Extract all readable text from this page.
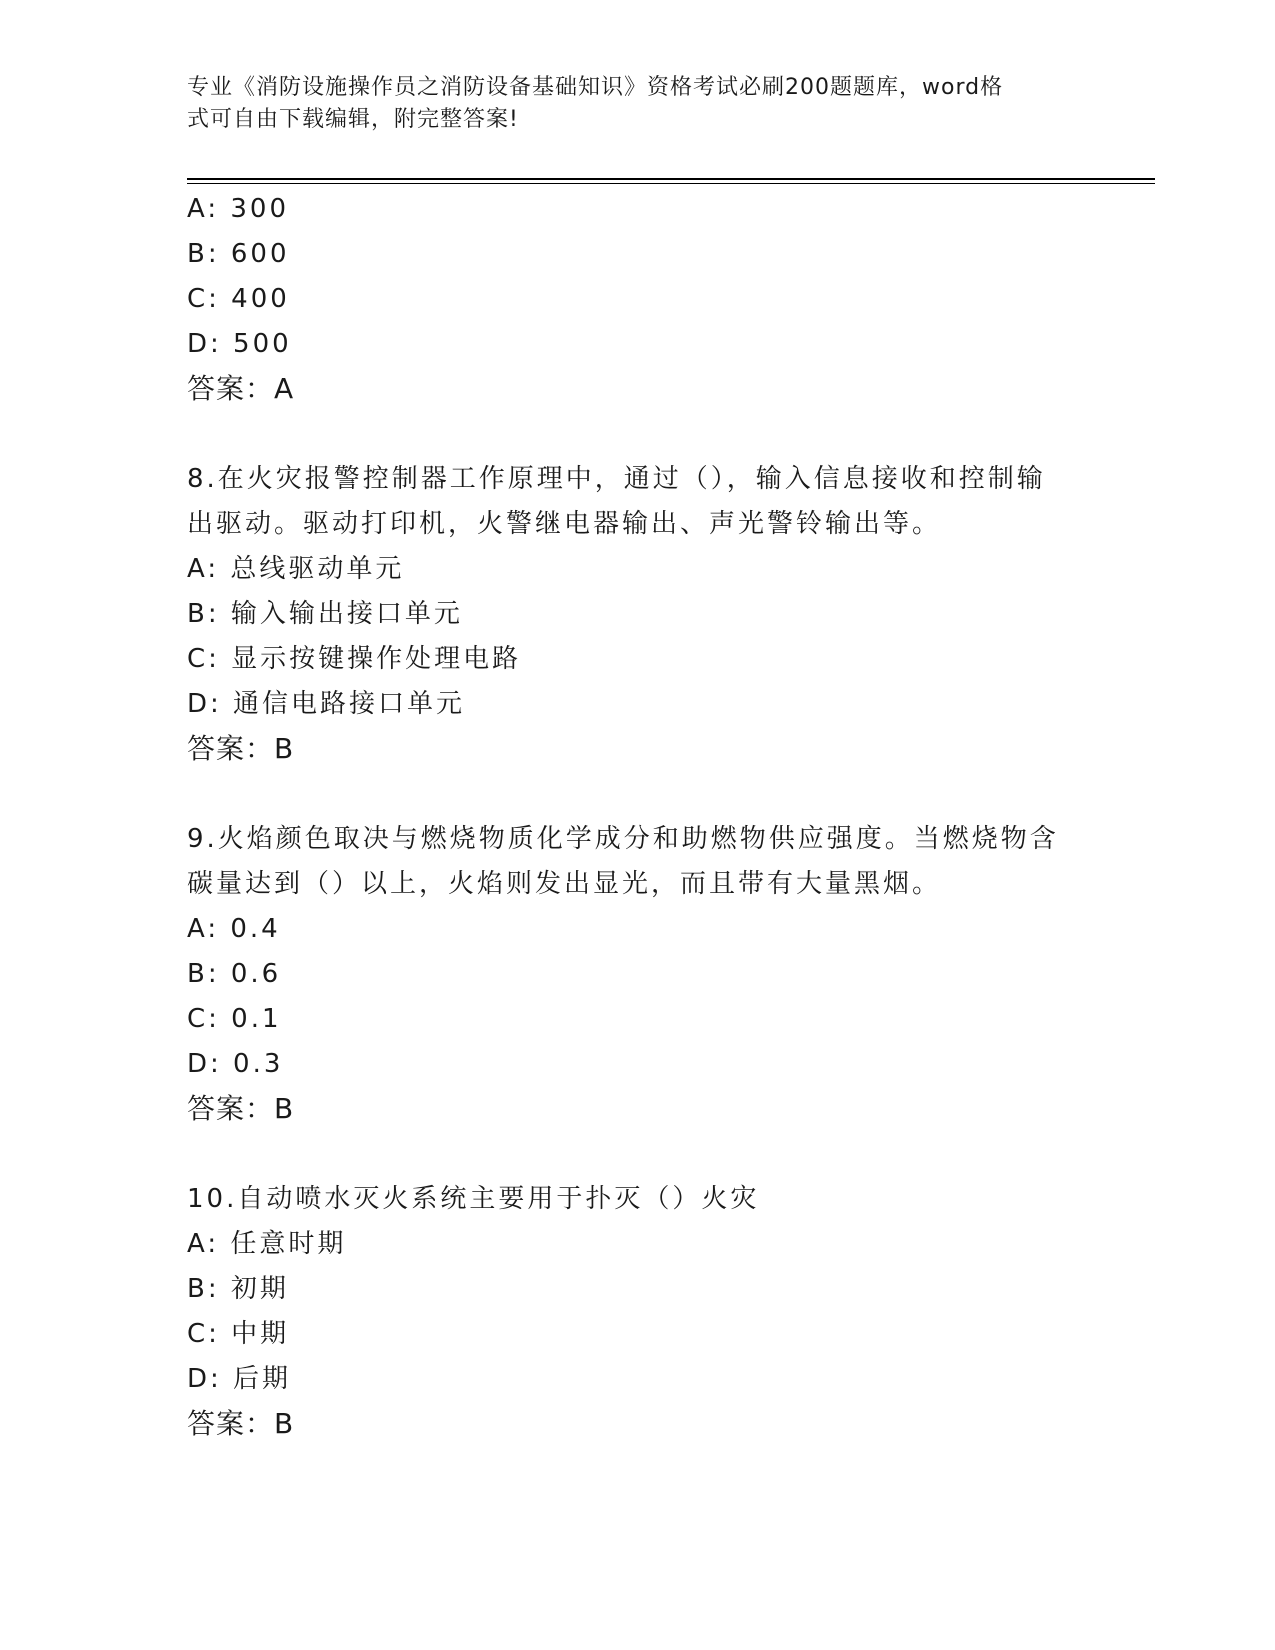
专业《消防设施操作员之消防设备基础知识》资格考试必刷200题题库，word格
式可自由下载编辑，附完整答案!
A: 300
B: 600
C: 400
D: 500
答案：A
8.在火灾报警控制器工作原理中，通过（），输入信息接收和控制输
出驱动。驱动打印机，火警继电器输出、声光警铃输出等。
A: 总线驱动单元
B: 输入输出接口单元
C: 显示按键操作处理电路
D: 通信电路接口单元
答案：B
9.火焰颜色取决与燃烧物质化学成分和助燃物供应强度。当燃烧物含
碳量达到（）以上，火焰则发出显光，而且带有大量黑烟。
A: 0.4
B: 0.6
C: 0.1
D: 0.3
答案：B
10.自动喷水灭火系统主要用于扑灭（）火灾
A: 任意时期
B: 初期
C: 中期
D: 后期
答案：B
